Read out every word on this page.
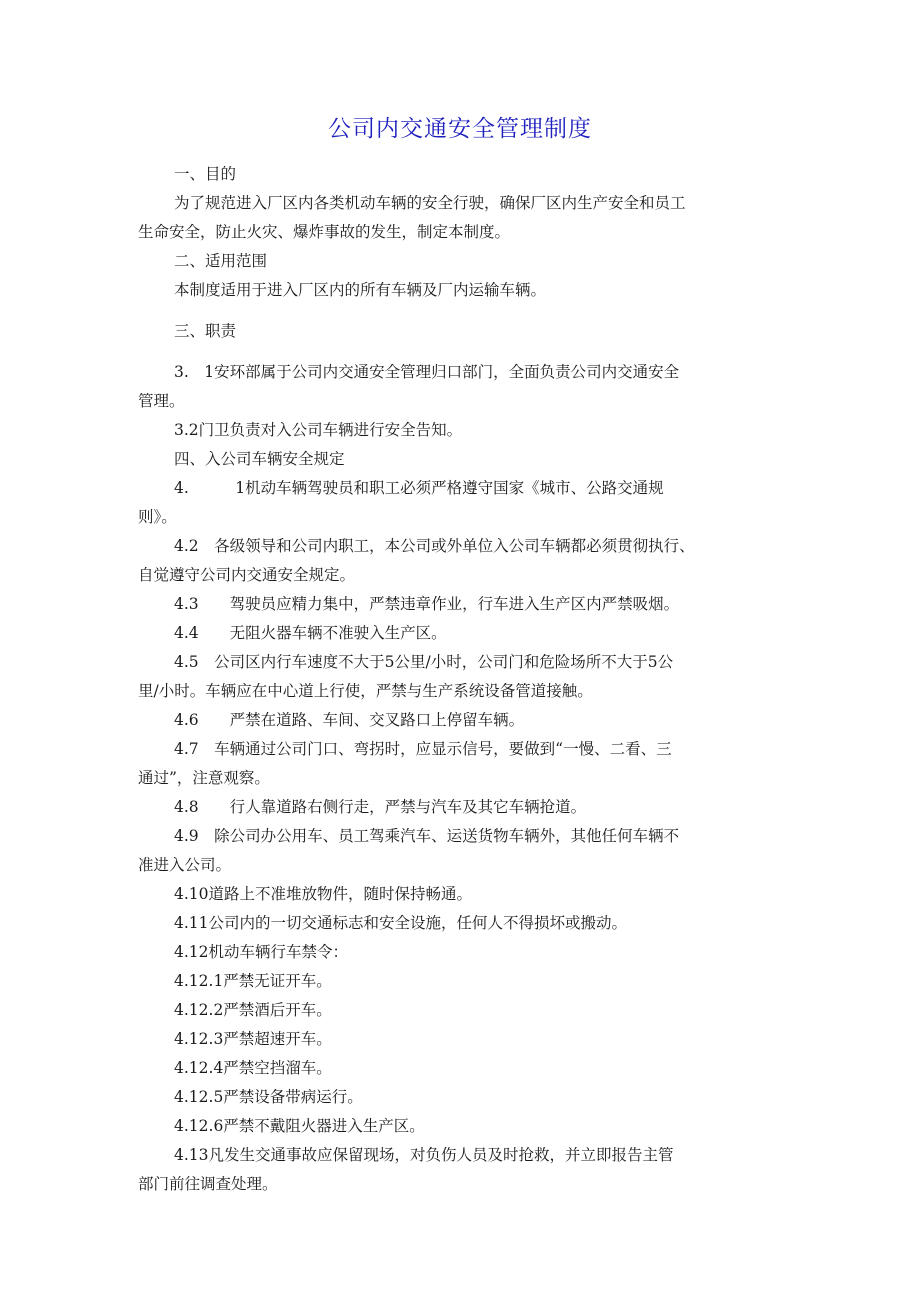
公司内交通安全管理制度
一、目的
为了规范进入厂区内各类机动车辆的安全行驶，确保厂区内生产安全和员工
生命安全，防止火灾、爆炸事故的发生，制定本制度。
二、适用范围
本制度适用于进入厂区内的所有车辆及厂内运输车辆。
三、职责
3.　1安环部属于公司内交通安全管理归口部门，全面负责公司内交通安全
管理。
3.2门卫负责对入公司车辆进行安全告知。
四、入公司车辆安全规定
4.　　　1机动车辆驾驶员和职工必须严格遵守国家《城市、公路交通规
则》。
4.2　各级领导和公司内职工，本公司或外单位入公司车辆都必须贯彻执行、
自觉遵守公司内交通安全规定。
4.3　　驾驶员应精力集中，严禁违章作业，行车进入生产区内严禁吸烟。
4.4　　无阻火器车辆不准驶入生产区。
4.5　公司区内行车速度不大于5公里/小时，公司门和危险场所不大于5公
里/小时。车辆应在中心道上行使，严禁与生产系统设备管道接触。
4.6　　严禁在道路、车间、交叉路口上停留车辆。
4.7　车辆通过公司门口、弯拐时，应显示信号，要做到“一慢、二看、三
通过”，注意观察。
4.8　　行人靠道路右侧行走，严禁与汽车及其它车辆抢道。
4.9　除公司办公用车、员工驾乘汽车、运送货物车辆外，其他任何车辆不
准进入公司。
4.10道路上不准堆放物件，随时保持畅通。
4.11公司内的一切交通标志和安全设施，任何人不得损坏或搬动。
4.12机动车辆行车禁令：
4.12.1严禁无证开车。
4.12.2严禁酒后开车。
4.12.3严禁超速开车。
4.12.4严禁空挡溜车。
4.12.5严禁设备带病运行。
4.12.6严禁不戴阻火器进入生产区。
4.13凡发生交通事故应保留现场，对负伤人员及时抢救，并立即报告主管
部门前往调查处理。
